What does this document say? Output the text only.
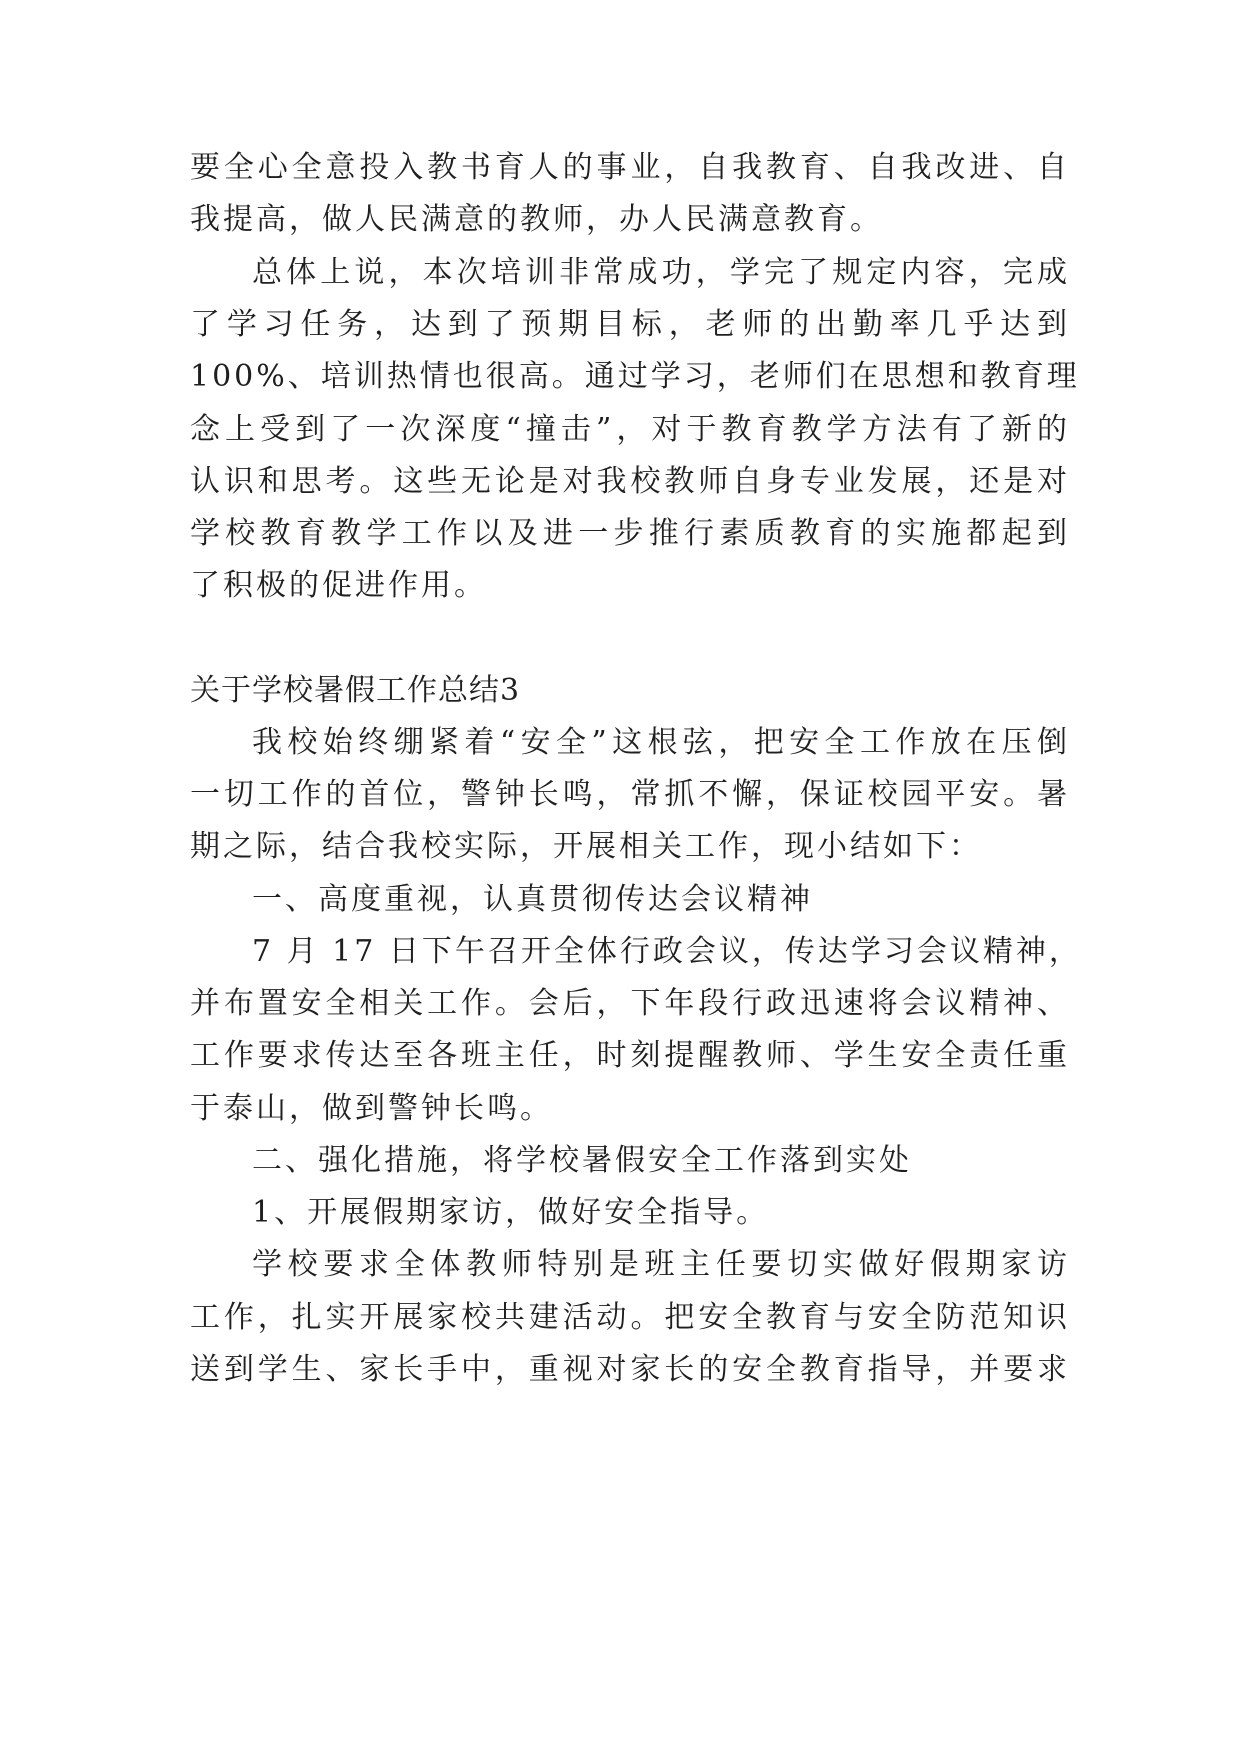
要全心全意投入教书育人的事业，自我教育、自我改进、自
我提高，做人民满意的教师，办人民满意教育。
总体上说，本次培训非常成功，学完了规定内容，完成
了学习任务，达到了预期目标，老师的出勤率几乎达到
100%、培训热情也很高。通过学习，老师们在思想和教育理
念上受到了一次深度“撞击”，对于教育教学方法有了新的
认识和思考。这些无论是对我校教师自身专业发展，还是对
学校教育教学工作以及进一步推行素质教育的实施都起到
了积极的促进作用。
关于学校暑假工作总结3
我校始终绷紧着“安全”这根弦，把安全工作放在压倒
一切工作的首位，警钟长鸣，常抓不懈，保证校园平安。暑
期之际，结合我校实际，开展相关工作，现小结如下：
一、高度重视，认真贯彻传达会议精神
7 月 17 日下午召开全体行政会议，传达学习会议精神，
并布置安全相关工作。会后，下年段行政迅速将会议精神、
工作要求传达至各班主任，时刻提醒教师、学生安全责任重
于泰山，做到警钟长鸣。
二、强化措施，将学校暑假安全工作落到实处
1、开展假期家访，做好安全指导。
学校要求全体教师特别是班主任要切实做好假期家访
工作，扎实开展家校共建活动。把安全教育与安全防范知识
送到学生、家长手中，重视对家长的安全教育指导，并要求
